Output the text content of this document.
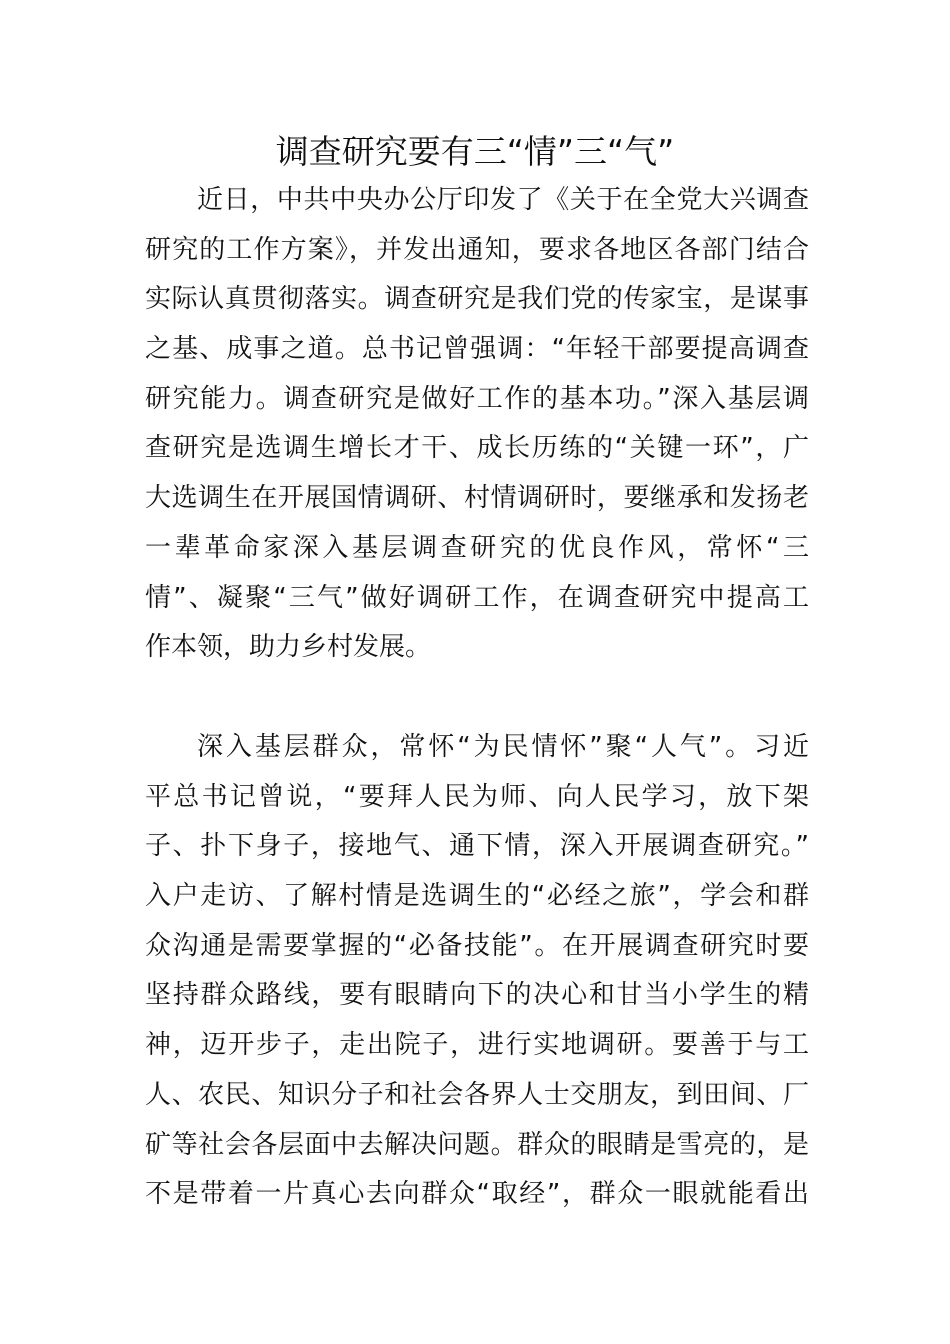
调查研究要有三“情”三“气”
近日，中共中央办公厅印发了《关于在全党大兴调查
研究的工作方案》，并发出通知，要求各地区各部门结合
实际认真贯彻落实。调查研究是我们党的传家宝，是谋事
之基、成事之道。总书记曾强调：“年轻干部要提高调查
研究能力。调查研究是做好工作的基本功。”深入基层调
查研究是选调生增长才干、成长历练的“关键一环”，广
大选调生在开展国情调研、村情调研时，要继承和发扬老
一辈革命家深入基层调查研究的优良作风，常怀“三
情”、凝聚“三气”做好调研工作，在调查研究中提高工
作本领，助力乡村发展。
深入基层群众，常怀“为民情怀”聚“人气”。习近
平总书记曾说，“要拜人民为师、向人民学习，放下架
子、扑下身子，接地气、通下情，深入开展调查研究。”
入户走访、了解村情是选调生的“必经之旅”，学会和群
众沟通是需要掌握的“必备技能”。在开展调查研究时要
坚持群众路线，要有眼睛向下的决心和甘当小学生的精
神，迈开步子，走出院子，进行实地调研。要善于与工
人、农民、知识分子和社会各界人士交朋友，到田间、厂
矿等社会各层面中去解决问题。群众的眼睛是雪亮的，是
不是带着一片真心去向群众“取经”，群众一眼就能看出
